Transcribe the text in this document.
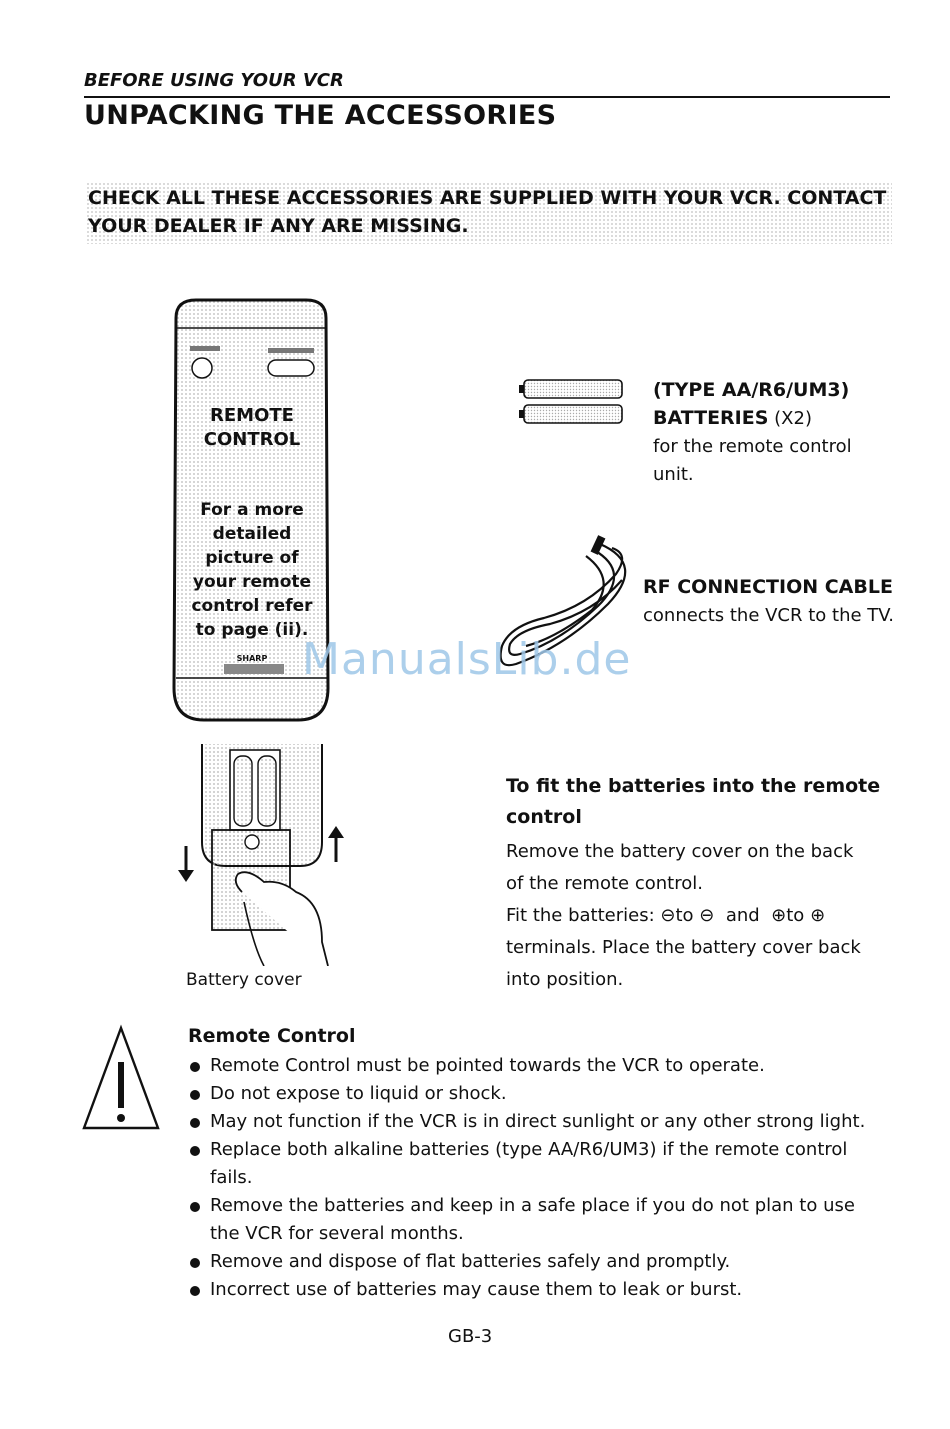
BEFORE USING YOUR VCR
UNPACKING THE ACCESSORIES
CHECK ALL THESE ACCESSORIES ARE SUPPLIED WITH YOUR VCR. CONTACT
YOUR DEALER IF ANY ARE MISSING.
REMOTE
CONTROL
For a more
detailed
picture of
your remote
control refer
to page (ii).
SHARP
(TYPE AA/R6/UM3)
BATTERIES (X2)
for the remote control
unit.
RF CONNECTION CABLE
connects the VCR to the TV.
ManualsLib.de
Battery cover
To fit the batteries into the remote control
Remove the battery cover on the back of the remote control.
Fit the batteries: ⊖to ⊖ and ⊕to ⊕ terminals. Place the battery cover back into position.
Remote Control
Remote Control must be pointed towards the VCR to operate.
Do not expose to liquid or shock.
May not function if the VCR is in direct sunlight or any other strong light.
Replace both alkaline batteries (type AA/R6/UM3) if the remote control fails.
Remove the batteries and keep in a safe place if you do not plan to use the VCR for several months.
Remove and dispose of flat batteries safely and promptly.
Incorrect use of batteries may cause them to leak or burst.
GB-3
